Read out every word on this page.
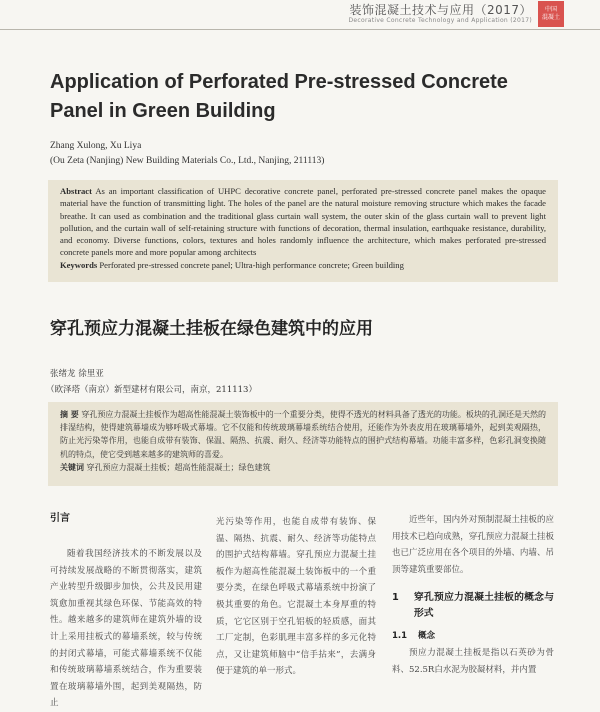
装饰混凝土技术与应用（2017）
Decorative Concrete Technology and Application (2017)
中国
混凝土
Application of Perforated Pre-stressed Concrete Panel in Green Building
Zhang Xulong, Xu Liya
(Ou Zeta (Nanjing) New Building Materials Co., Ltd., Nanjing, 211113)
Abstract As an important classification of UHPC decorative concrete panel, perforated pre-stressed concrete panel makes the opaque material have the function of transmitting light. The holes of the panel are the natural moisture removing structure which makes the facade breathe. It can used as combination and the traditional glass curtain wall system, the outer skin of the glass curtain wall to prevent light pollution, and the curtain wall of self-retaining structure with functions of decoration, thermal insulation, earthquake resistance, durability, and economy. Diverse functions, colors, textures and holes randomly influence the architecture, which makes perforated pre-stressed concrete panels more and more popular among architects
Keywords Perforated pre-stressed concrete panel; Ultra-high performance concrete; Green building
穿孔预应力混凝土挂板在绿色建筑中的应用
张绪龙 徐里亚
（欧泽塔（南京）新型建材有限公司，南京，211113）
摘 要 穿孔预应力混凝土挂板作为超高性能混凝土装饰板中的一个重要分类，使得不透光的材料具备了透光的功能。板块的孔洞还是天然的排湿结构，使得建筑幕墙成为够呼吸式幕墙。它不仅能和传统玻璃幕墙系统结合使用，还能作为外表皮用在玻璃幕墙外，起到美观隔热，防止光污染等作用，也能自成带有装饰、保温、隔热、抗震、耐久、经济等功能特点的围护式结构幕墙。功能丰富多样，色彩孔洞变换随机的特点，使它受到越来越多的建筑师的喜爱。
关键词 穿孔预应力混凝土挂板；超高性能混凝土；绿色建筑
引言

随着我国经济技术的不断发展以及可持续发展战略的不断贯彻落实，建筑产业转型升级脚步加快，公共及民用建筑愈加重视其绿色环保、节能高效的特性。越来越多的建筑师在建筑外墙的设计上采用挂板式的幕墙系统，较与传统的封闭式幕墙，可能式幕墙系统不仅能和传统玻璃幕墙系统结合，作为重要装置在玻璃幕墙外围，起到美观隔热，防止

光污染等作用，也能自成带有装饰、保温、隔热、抗震、耐久、经济等功能特点的围护式结构幕墙。穿孔预应力混凝土挂板作为超高性能混凝土装饰板中的一个重要分类，在绿色呼吸式幕墙系统中扮演了极其重要的角色。它混凝土本身厚重的特质，它它区别于空孔铝板的轻质感，面其工厂定制，色彩肌理丰富多样的多元化特点，又让建筑师脑中“信手拈来”，去满身便于建筑的单一形式。

近些年，国内外对预制混凝土挂板的应用技术已趋向成熟，穿孔预应力混凝土挂板也已广泛应用在各个项目的外墙、内墙、吊顶等建筑重要部位。

1	穿孔预应力混凝土挂板的概念与形式
1.1 概念

预应力混凝土挂板是指以石英砂为骨料、52.5R白水泥为胶凝材料，并内置
